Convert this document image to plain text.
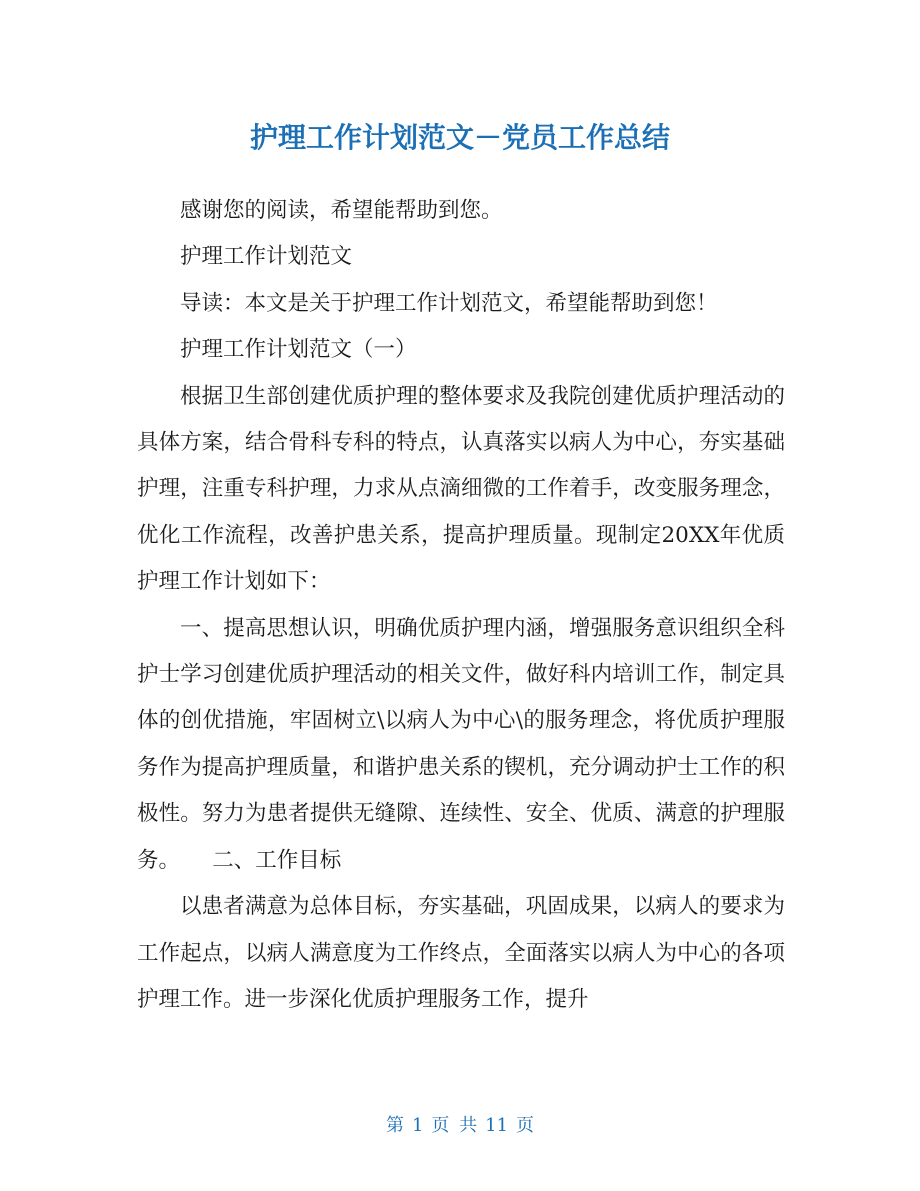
护理工作计划范文－党员工作总结

感谢您的阅读，希望能帮助到您。

护理工作计划范文

导读：本文是关于护理工作计划范文，希望能帮助到您！

护理工作计划范文（一）

根据卫生部创建优质护理的整体要求及我院创建优质护理活动的具体方案，结合骨科专科的特点，认真落实以病人为中心，夯实基础护理，注重专科护理，力求从点滴细微的工作着手，改变服务理念，优化工作流程，改善护患关系，提高护理质量。现制定20XX年优质护理工作计划如下：

一、提高思想认识，明确优质护理内涵，增强服务意识组织全科护士学习创建优质护理活动的相关文件，做好科内培训工作，制定具体的创优措施，牢固树立\以病人为中心\的服务理念，将优质护理服务作为提高护理质量，和谐护患关系的锲机，充分调动护士工作的积极性。努力为患者提供无缝隙、连续性、安全、优质、满意的护理服务。　　二、工作目标

以患者满意为总体目标，夯实基础，巩固成果，以病人的要求为工作起点，以病人满意度为工作终点，全面落实以病人为中心的各项护理工作。进一步深化优质护理服务工作，提升

第 1 页 共 11 页
